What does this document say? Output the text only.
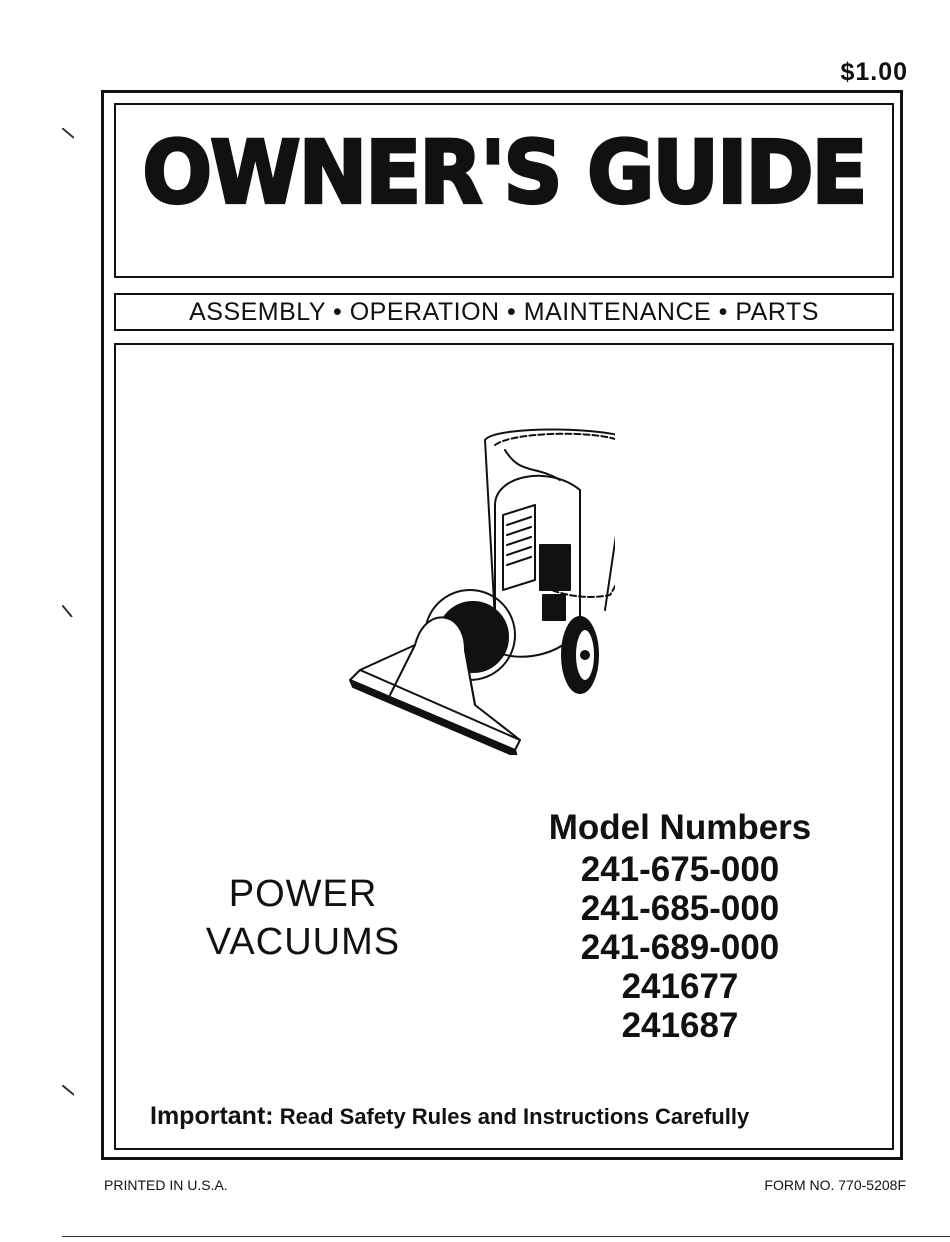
$1.00
OWNER'S GUIDE
ASSEMBLY • OPERATION • MAINTENANCE • PARTS
POWER
VACUUMS
Model Numbers
241-675-000
241-685-000
241-689-000
241677
241687
Important: Read Safety Rules and Instructions Carefully
PRINTED IN U.S.A.	FORM NO. 770-5208F
